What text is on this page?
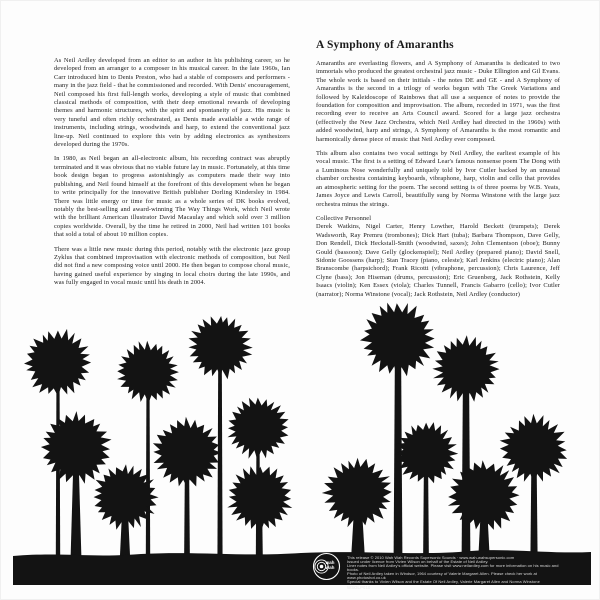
As Neil Ardley developed from an editor to an author in his publishing career, so he developed from an arranger to a composer in his musical career. In the late 1960s, Ian Carr introduced him to Denis Preston, who had a stable of composers and performers - many in the jazz field - that he commissioned and recorded. With Denis' encouragement, Neil composed his first full-length works, developing a style of music that combined classical methods of composition, with their deep emotional rewards of developing themes and harmonic structures, with the spirit and spontaneity of jazz. His music is very tuneful and often richly orchestrated, as Denis made available a wide range of instruments, including strings, woodwinds and harp, to extend the conventional jazz line-up. Neil continued to explore this vein by adding electronics as synthesizers developed during the 1970s.

In 1980, as Neil began an all-electronic album, his recording contract was abruptly terminated and it was obvious that no viable future lay in music. Fortunately, at this time book design began to progress astonishingly as computers made their way into publishing, and Neil found himself at the forefront of this development when he began to write principally for the innovative British publisher Dorling Kindersley in 1984. There was little energy or time for music as a whole series of DK books evolved, notably the best-selling and award-winning The Way Things Work, which Neil wrote with the brilliant American illustrator David Macaulay and which sold over 3 million copies worldwide. Overall, by the time he retired in 2000, Neil had written 101 books that sold a total of about 10 million copies.

There was a little new music during this period, notably with the electronic jazz group Zyklus that combined improvisation with electronic methods of composition, but Neil did not find a new composing voice until 2000. He then began to compose choral music, having gained useful experience by singing in local choirs during the late 1990s, and was fully engaged in vocal music until his death in 2004.

A Symphony of Amaranths

Amaranths are everlasting flowers, and A Symphony of Amaranths is dedicated to two immortals who produced the greatest orchestral jazz music - Duke Ellington and Gil Evans. The whole work is based on their initials - the notes DE and GE - and A Symphony of Amaranths is the second in a trilogy of works begun with The Greek Variations and followed by Kaleidoscope of Rainbows that all use a sequence of notes to provide the foundation for composition and improvisation. The album, recorded in 1971, was the first recording ever to receive an Arts Council award. Scored for a large jazz orchestra (effectively the New Jazz Orchestra, which Neil Ardley had directed in the 1960s) with added woodwind, harp and strings, A Symphony of Amaranths is the most romantic and harmonically dense piece of music that Neil Ardley ever composed.

This album also contains two vocal settings by Neil Ardley, the earliest example of his vocal music. The first is a setting of Edward Lear's famous nonsense poem The Dong with a Luminous Nose wonderfully and uniquely told by Ivor Cutler backed by an unusual chamber orchestra containing keyboards, vibraphone, harp, violin and cello that provides an atmospheric setting for the poem. The second setting is of three poems by W.B. Yeats, James Joyce and Lewis Carroll, beautifully sung by Norma Winstone with the large jazz orchestra minus the strings.

Collective Personnel

Derek Watkins, Nigel Carter, Henry Lowther, Harold Beckett (trumpets); Derek Wadsworth, Ray Premru (trombones); Dick Hart (tuba); Barbara Thompson, Dave Gelly, Don Rendell, Dick Heckstall-Smith (woodwind, saxes); John Clementson (oboe); Bunny Gould (bassoon); Dave Gelly (glockenspiel); Neil Ardley (prepared piano); David Snell, Sidonie Goossens (harp); Stan Tracey (piano, celeste); Karl Jenkins (electric piano); Alan Branscombe (harpsichord); Frank Ricotti (vibraphone, percussion); Chris Laurence, Jeff Clyne (bass); Jon Hiseman (drums, percussion); Eric Gruenberg, Jack Rothstein, Kelly Isaacs (violin); Ken Essex (viola); Charles Tunnell, Francis Gabarro (cello); Ivor Cutler (narrator); Norma Winstone (vocal); Jack Rothstein, Neil Ardley (conductor)

wah
wah
This release © 2010 Wah Wah Records Supersonic Sounds · www.wah-wahsupersonic.com
Issued under licence from Vivien Wilson on behalf of the Estate of Neil Ardley.
Liner notes from Neil Ardley's official website. Please visit www.neilardley.com for more information on his music and books.
Photo of Neil Ardley taken in Windsor, 1964 courtesy of Valerie Margaret Allen. Please check her work at www.photoshot.co.uk
Special thanks to Vivien Wilson and the Estate Of Neil Ardley, Valerie Margaret Allen and Norma Winstone
WSOLP010
